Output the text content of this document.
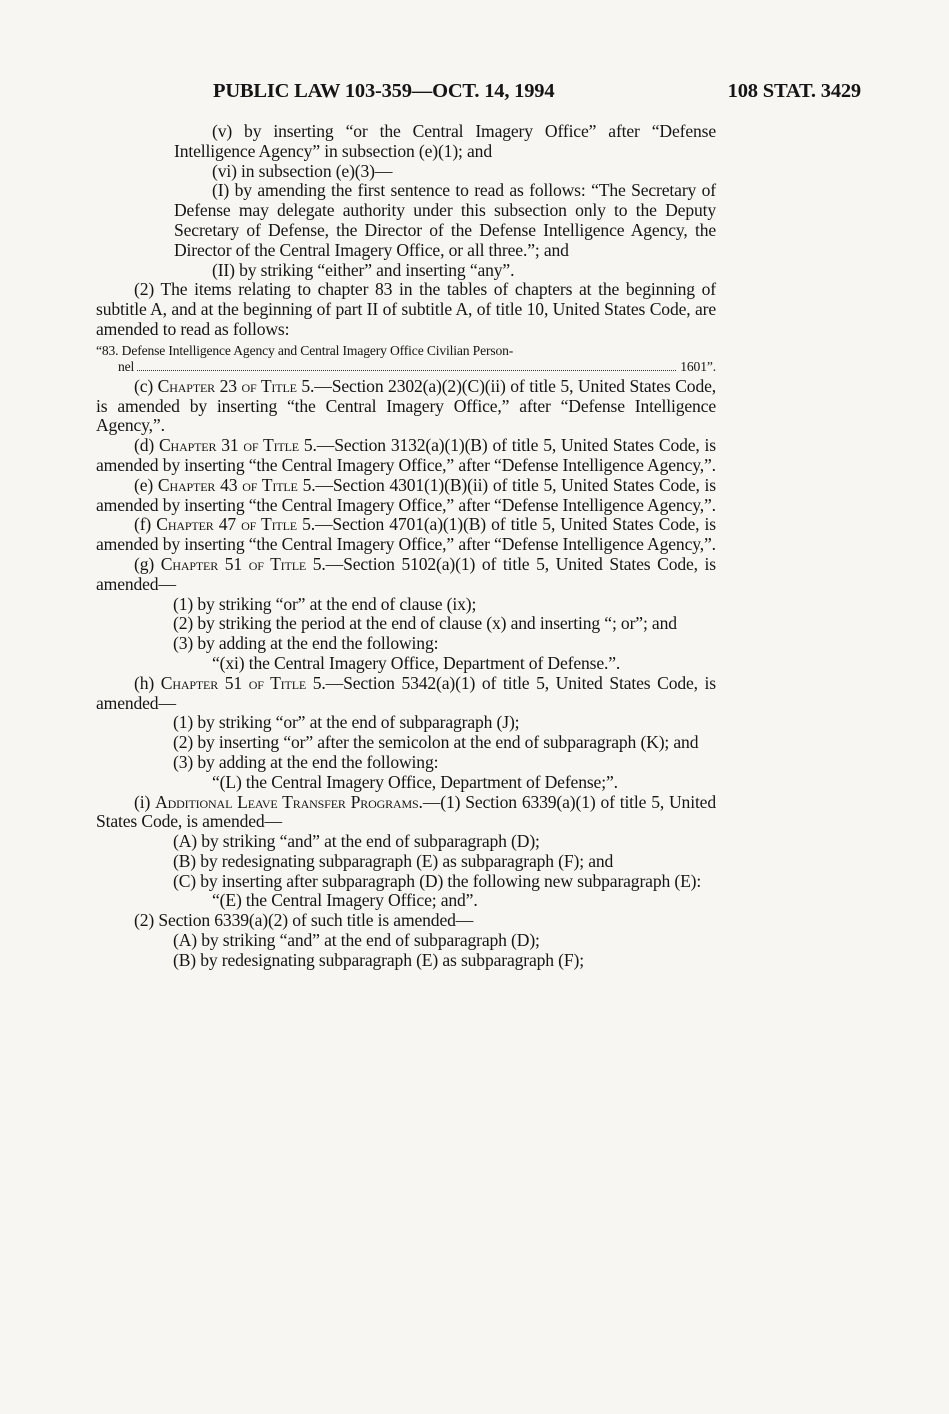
PUBLIC LAW 103-359—OCT. 14, 1994	108 STAT. 3429

(v) by inserting “or the Central Imagery Office” after “Defense Intelligence Agency” in subsection (e)(1); and

(vi) in subsection (e)(3)—

(I) by amending the first sentence to read as follows: “The Secretary of Defense may delegate authority under this subsection only to the Deputy Secretary of Defense, the Director of the Defense Intelligence Agency, the Director of the Central Imagery Office, or all three.”; and

(II) by striking “either” and inserting “any”.

(2) The items relating to chapter 83 in the tables of chapters at the beginning of subtitle A, and at the beginning of part II of subtitle A, of title 10, United States Code, are amended to read as follows:

“83. Defense Intelligence Agency and Central Imagery Office Civilian Person-
nel	1601”.

(c) Chapter 23 of Title 5.—Section 2302(a)(2)(C)(ii) of title 5, United States Code, is amended by inserting “the Central Imagery Office,” after “Defense Intelligence Agency,”.

(d) Chapter 31 of Title 5.—Section 3132(a)(1)(B) of title 5, United States Code, is amended by inserting “the Central Imagery Office,” after “Defense Intelligence Agency,”.

(e) Chapter 43 of Title 5.—Section 4301(1)(B)(ii) of title 5, United States Code, is amended by inserting “the Central Imagery Office,” after “Defense Intelligence Agency,”.

(f) Chapter 47 of Title 5.—Section 4701(a)(1)(B) of title 5, United States Code, is amended by inserting “the Central Imagery Office,” after “Defense Intelligence Agency,”.

(g) Chapter 51 of Title 5.—Section 5102(a)(1) of title 5, United States Code, is amended—

(1) by striking “or” at the end of clause (ix);

(2) by striking the period at the end of clause (x) and inserting “; or”; and

(3) by adding at the end the following:

“(xi) the Central Imagery Office, Department of Defense.”.

(h) Chapter 51 of Title 5.—Section 5342(a)(1) of title 5, United States Code, is amended—

(1) by striking “or” at the end of subparagraph (J);

(2) by inserting “or” after the semicolon at the end of subparagraph (K); and

(3) by adding at the end the following:

“(L) the Central Imagery Office, Department of Defense;”.

(i) Additional Leave Transfer Programs.—(1) Section 6339(a)(1) of title 5, United States Code, is amended—

(A) by striking “and” at the end of subparagraph (D);

(B) by redesignating subparagraph (E) as subparagraph (F); and

(C) by inserting after subparagraph (D) the following new subparagraph (E):

“(E) the Central Imagery Office; and”.

(2) Section 6339(a)(2) of such title is amended—

(A) by striking “and” at the end of subparagraph (D);

(B) by redesignating subparagraph (E) as subparagraph (F);
